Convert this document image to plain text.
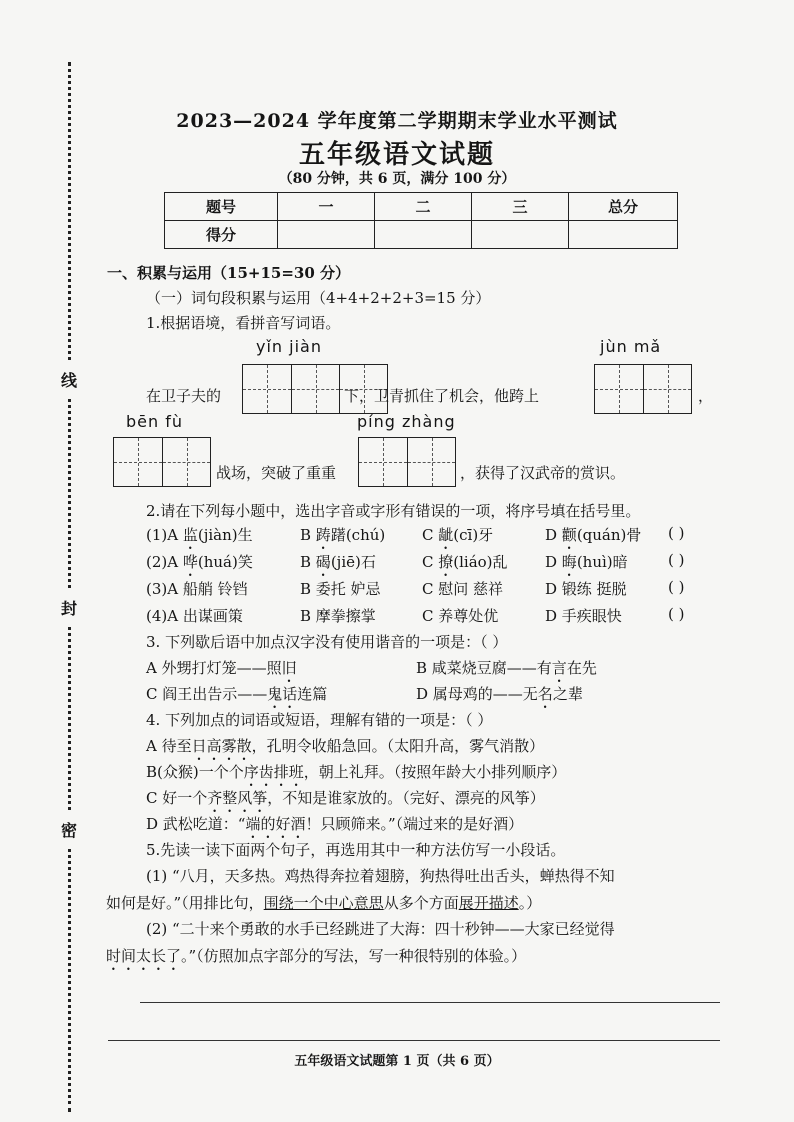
线
封
密
2023—2024 学年度第二学期期末学业水平测试
五年级语文试题
（80 分钟，共 6 页，满分 100 分）
题号	一	二	三	总分
得分				
一、积累与运用（15+15=30 分）
（一）词句段积累与运用（4+4+2+2+3=15 分）
1.根据语境，看拼音写词语。
yǐn jiàn	jùn mǎ
在卫子夫的	下，卫青抓住了机会，他跨上	，
bēn fù	píng zhàng
战场，突破了重重	，获得了汉武帝的赏识。
2.请在下列每小题中，选出字音或字形有错误的一项，将序号填在括号里。
(1)A 监(jiàn)生	B 踌躇(chú) C 龇(cī)牙	D 颧(quán)骨 ( )
(2)A 哗(huá)笑	B 碣(jiē)石	C 撩(liáo)乱 D 晦(huì)暗	( )
(3)A 船艄 铃铛	B 委托 妒忌	C 慰问 慈祥	D 锻练 挺脱	( )
(4)A 出谋画策	B 摩拳擦掌	C 养尊处优	D 手疾眼快	( )
3. 下列歇后语中加点汉字没有使用谐音的一项是：（ ）
A 外甥打灯笼——照旧	B 咸菜烧豆腐——有言在先
C 阎王出告示——鬼话连篇	D 属母鸡的——无名之辈
4. 下列加点的词语或短语，理解有错的一项是：（ ）
A 待至日高雾散，孔明令收船急回。（太阳升高，雾气消散）
B(众猴)一个个序齿排班，朝上礼拜。（按照年龄大小排列顺序）
C 好一个齐整风筝，不知是谁家放的。（完好、漂亮的风筝）
D 武松吃道：“端的好酒！只顾筛来。”（端过来的是好酒）
5.先读一读下面两个句子，再选用其中一种方法仿写一小段话。
(1) “八月，天多热。鸡热得奔拉着翅膀，狗热得吐出舌头，蝉热得不知
如何是好。”（用排比句，围绕一个中心意思从多个方面展开描述。）
(2) “二十来个勇敢的水手已经跳进了大海：四十秒钟——大家已经觉得
时间太长了。”（仿照加点字部分的写法，写一种很特别的体验。）
五年级语文试题第 1 页（共 6 页）
